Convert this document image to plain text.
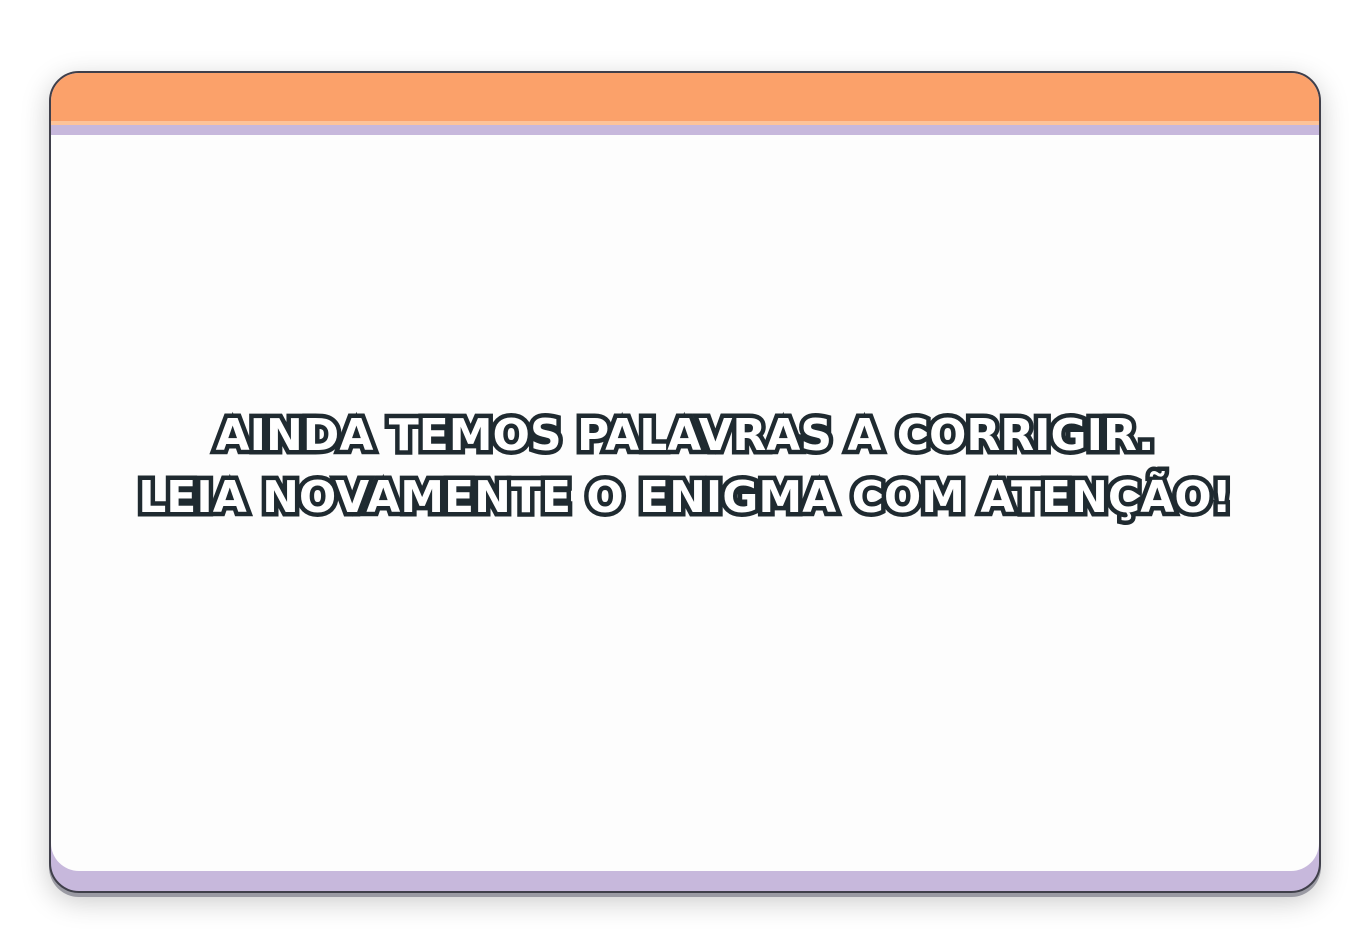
AINDA TEMOS PALAVRAS A CORRIGIR.
LEIA NOVAMENTE O ENIGMA COM ATENÇÃO!
